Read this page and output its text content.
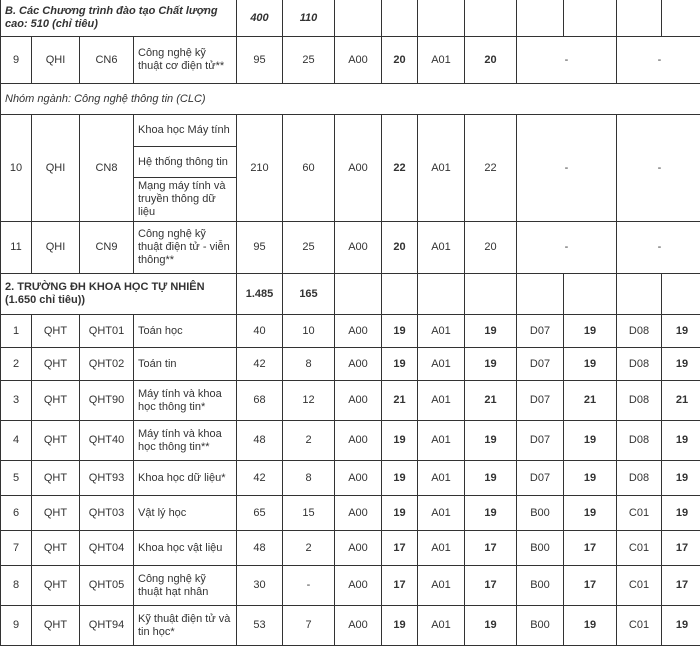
B. Các Chương trình đào tạo Chất lượng cao: 510 (chỉ tiêu)				400	110								
9	QHI	CN6	Công nghệ kỹ thuật cơ điện tử**	95	25	A00	20	A01	20	-		-	
Nhóm ngành: Công nghệ thông tin (CLC)													
10	QHI	CN8	Khoa học Máy tính	210	60	A00	22	A01	22	-		-	
			Hệ thống thông tin										
			Mạng máy tính và truyền thông dữ liệu										
11	QHI	CN9	Công nghệ kỹ thuật điện tử - viễn thông**	95	25	A00	20	A01	20	-		-	
2. TRƯỜNG ĐH KHOA HỌC TỰ NHIÊN (1.650 chỉ tiêu))				1.485	165								
1	QHT	QHT01	Toán học	40	10	A00	19	A01	19	D07	19	D08	19
2	QHT	QHT02	Toán tin	42	8	A00	19	A01	19	D07	19	D08	19
3	QHT	QHT90	Máy tính và khoa học thông tin*	68	12	A00	21	A01	21	D07	21	D08	21
4	QHT	QHT40	Máy tính và khoa học thông tin**	48	2	A00	19	A01	19	D07	19	D08	19
5	QHT	QHT93	Khoa học dữ liệu*	42	8	A00	19	A01	19	D07	19	D08	19
6	QHT	QHT03	Vật lý học	65	15	A00	19	A01	19	B00	19	C01	19
7	QHT	QHT04	Khoa học vật liệu	48	2	A00	17	A01	17	B00	17	C01	17
8	QHT	QHT05	Công nghệ kỹ thuật hạt nhân	30	-	A00	17	A01	17	B00	17	C01	17
9	QHT	QHT94	Kỹ thuật điện tử và tin học*	53	7	A00	19	A01	19	B00	19	C01	19
